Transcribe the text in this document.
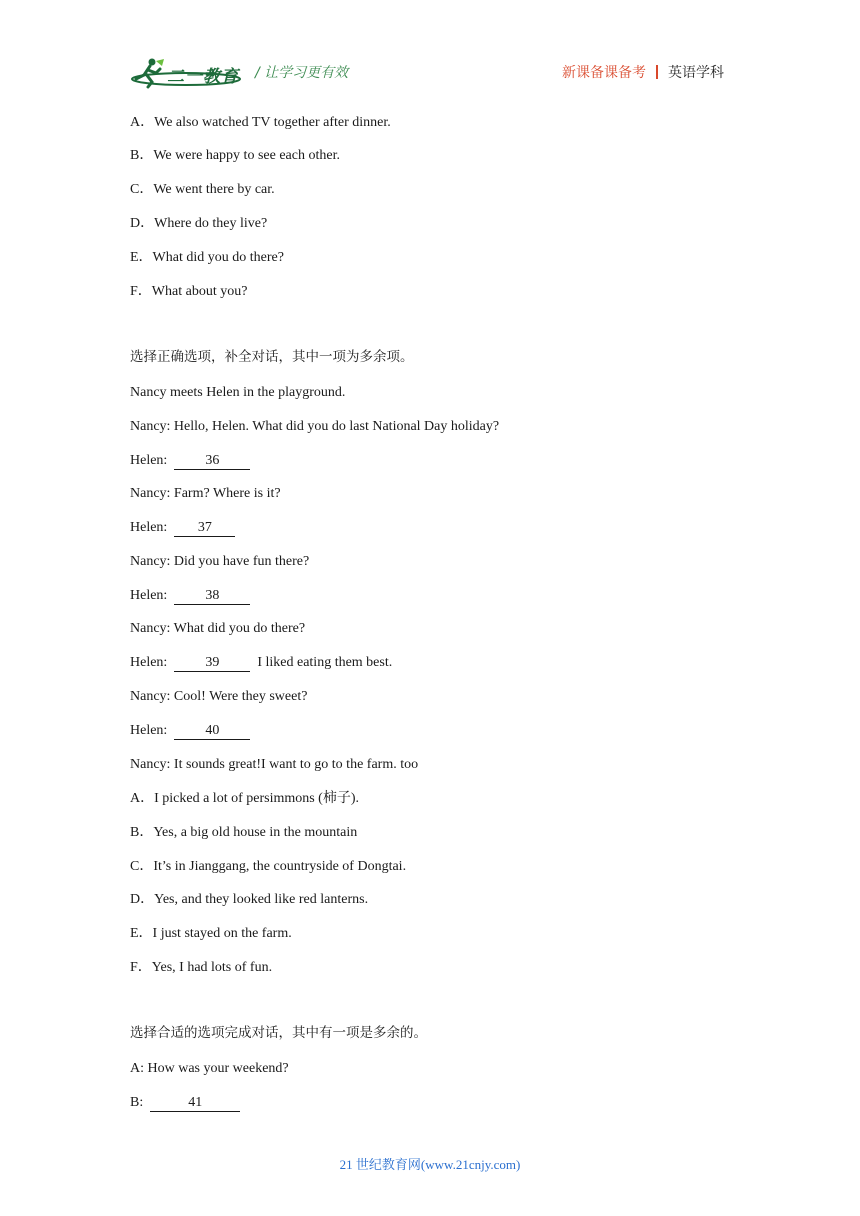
二一教育 / 让学习更有效	新课备课备考 英语学科
A．We also watched TV together after dinner.
B．We were happy to see each other.
C．We went there by car.
D．Where do they live?
E．What did you do there?
F．What about you?
选择正确选项，补全对话，其中一项为多余项。
Nancy meets Helen in the playground.
Nancy: Hello, Helen. What did you do last National Day holiday?
Helen:	36
Nancy: Farm? Where is it?
Helen: 37
Nancy: Did you have fun there?
Helen:	38
Nancy: What did you do there?
Helen:	39	I liked eating them best.
Nancy: Cool! Were they sweet?
Helen:	40
Nancy: It sounds great!I want to go to the farm. too
A．I picked a lot of persimmons (柿子).
B．Yes, a big old house in the mountain
C．It’s in Jianggang, the countryside of Dongtai.
D．Yes, and they looked like red lanterns.
E．I just stayed on the farm.
F．Yes, I had lots of fun.
选择合适的选项完成对话，其中有一项是多余的。
A: How was your weekend?
B:	41
21 世纪教育网(www.21cnjy.com)
